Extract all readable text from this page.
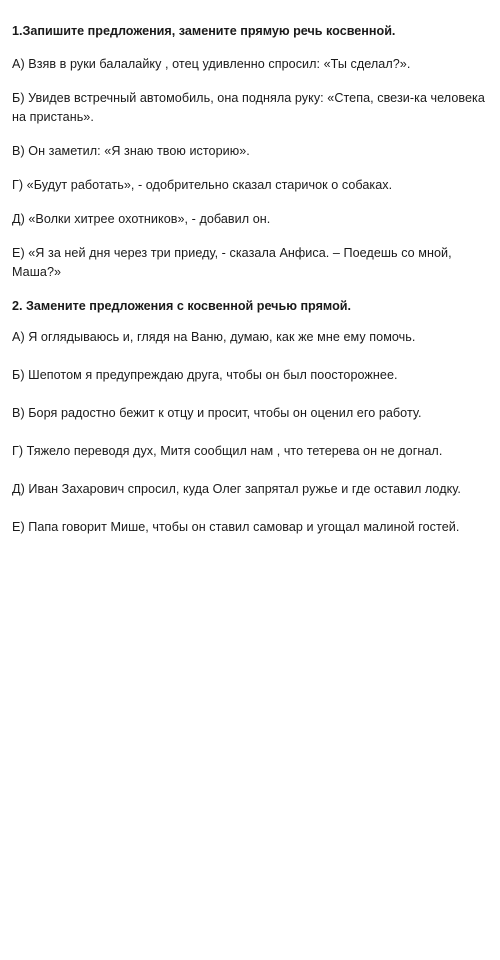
1.Запишите предложения, замените прямую речь косвенной.

А) Взяв в руки балалайку , отец удивленно спросил: «Ты сделал?».

Б) Увидев встречный автомобиль, она подняла руку: «Степа, свези-ка человека на пристань».

В) Он заметил: «Я знаю твою историю».

Г) «Будут работать», - одобрительно сказал старичок о собаках.

Д) «Волки хитрее охотников», - добавил он.

Е) «Я за ней дня через три приеду, - сказала Анфиса. – Поедешь со мной, Маша?»

2. Замените предложения с косвенной речью прямой.

А) Я оглядываюсь и, глядя на Ваню, думаю, как же мне ему помочь.

Б) Шепотом я предупреждаю друга, чтобы он был поосторожнее.

В) Боря радостно бежит к отцу и просит, чтобы он оценил его работу.

Г) Тяжело переводя дух, Митя сообщил нам , что тетерева он не догнал.

Д) Иван Захарович спросил, куда Олег запрятал ружье и где оставил лодку.

Е) Папа говорит Мише, чтобы он ставил самовар и угощал малиной гостей.
